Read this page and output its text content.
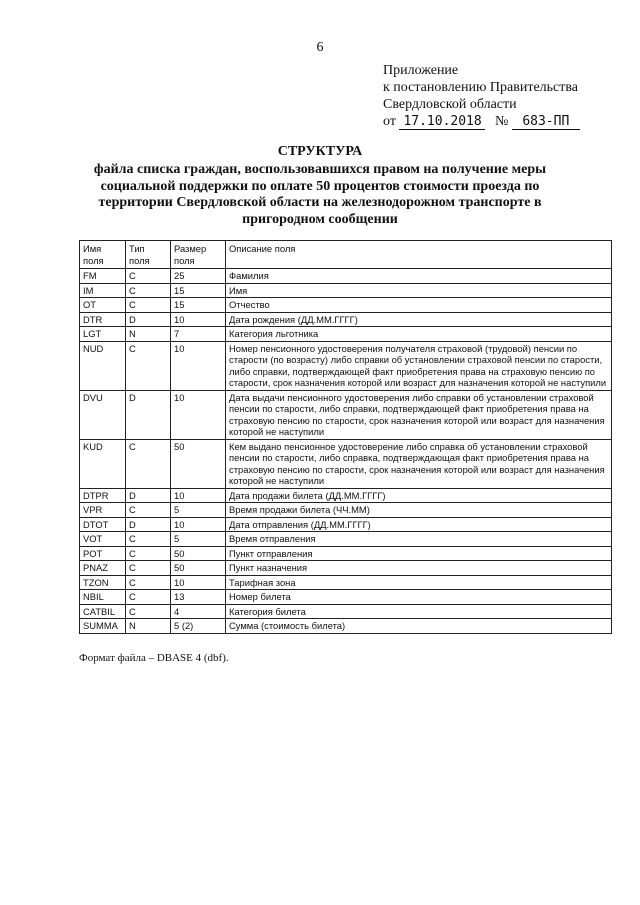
6
Приложение
к постановлению Правительства
Свердловской области
от 17.10.2018 № 683-ПП
СТРУКТУРА
файла списка граждан, воспользовавшихся правом на получение меры социальной поддержки по оплате 50 процентов стоимости проезда по территории Свердловской области на железнодорожном транспорте в пригородном сообщении
Имя поля	Тип поля	Размер поля	Описание поля
FM	C	25	Фамилия
IM	C	15	Имя
OT	C	15	Отчество
DTR	D	10	Дата рождения (ДД.ММ.ГГГГ)
LGT	N	7	Категория льготника
NUD	C	10	Номер пенсионного удостоверения получателя страховой (трудовой) пенсии по старости (по возрасту) либо справки об установлении страховой пенсии по старости, либо справки, подтверждающей факт приобретения права на страховую пенсию по старости, срок назначения которой или возраст для назначения которой не наступили
DVU	D	10	Дата выдачи пенсионного удостоверения либо справки об установлении страховой пенсии по старости, либо справки, подтверждающей факт приобретения права на страховую пенсию по старости, срок назначения которой или возраст для назначения которой не наступили
KUD	C	50	Кем выдано пенсионное удостоверение либо справка об установлении страховой пенсии по старости, либо справка, подтверждающая факт приобретения права на страховую пенсию по старости, срок назначения которой или возраст для назначения которой не наступили
DTPR	D	10	Дата продажи билета (ДД.ММ.ГГГГ)
VPR	C	5	Время продажи билета (ЧЧ.ММ)
DTOT	D	10	Дата отправления (ДД.ММ.ГГГГ)
VOT	C	5	Время отправления
POT	C	50	Пункт отправления
PNAZ	C	50	Пункт назначения
TZON	C	10	Тарифная зона
NBIL	C	13	Номер билета
CATBIL	C	4	Категория билета
SUMMA	N	5 (2)	Сумма (стоимость билета)
Формат файла – DBASE 4 (dbf).
